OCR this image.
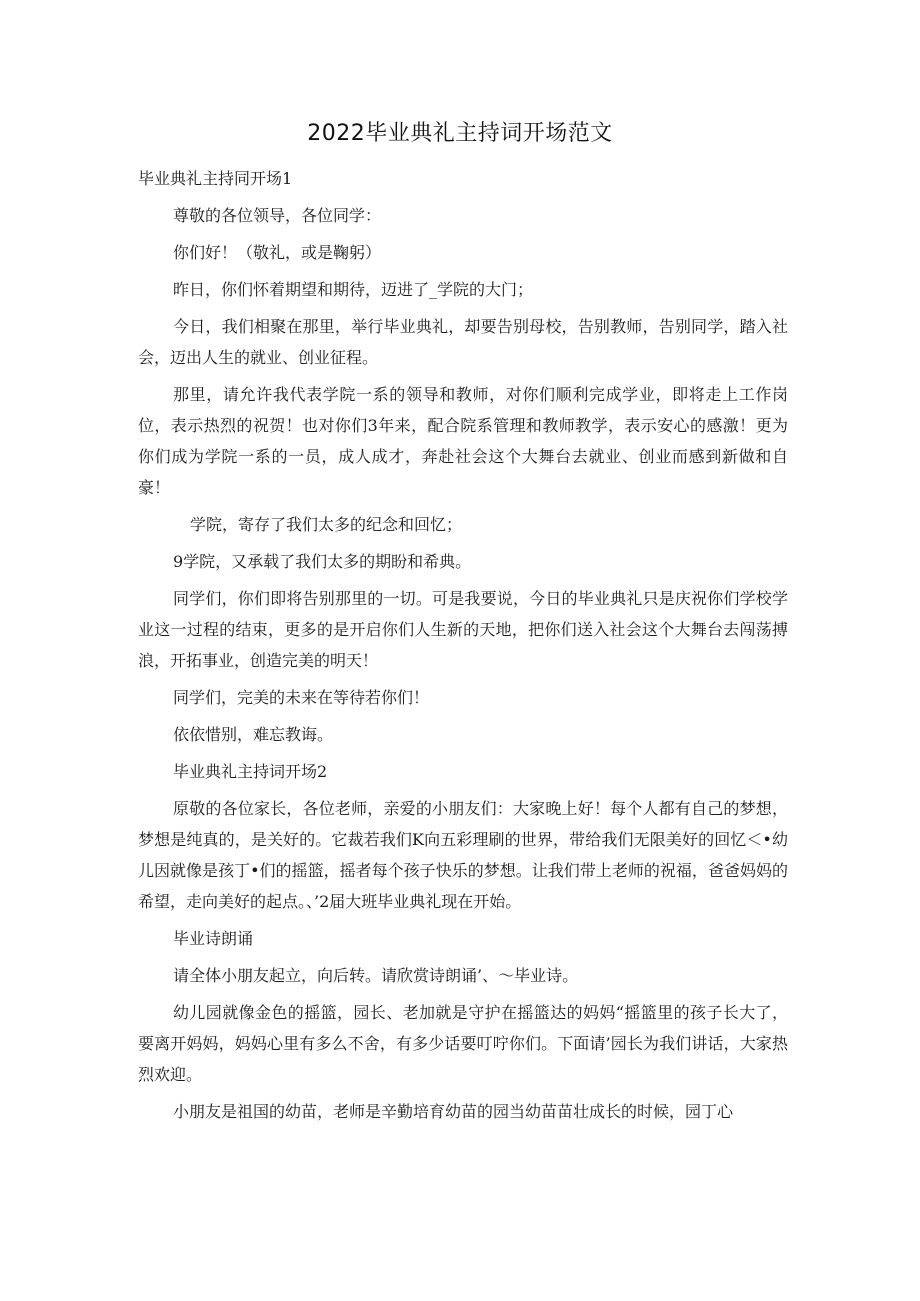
2022毕业典礼主持词开场范文

毕业典礼主持同开场1

尊敬的各位领导，各位同学：

你们好！（敬礼，或是鞠躬）

昨日，你们怀着期望和期待，迈进了_学院的大门；

今日，我们相聚在那里，举行毕业典礼，却要告别母校，告别教师，告别同学，踏入社会，迈出人生的就业、创业征程。

那里，请允许我代表学院一系的领导和教师，对你们顺利完成学业，即将走上工作岗位，表示热烈的祝贺！也对你们3年来，配合院系管理和教师教学，表示安心的感激！更为你们成为学院一系的一员，成人成才，奔赴社会这个大舞台去就业、创业而感到新做和自豪！

学院，寄存了我们太多的纪念和回忆；

9学院，又承载了我们太多的期盼和希典。

同学们，你们即将告别那里的一切。可是我要说，今日的毕业典礼只是庆祝你们学校学业这一过程的结束，更多的是开启你们人生新的天地，把你们送入社会这个大舞台去闯荡搏浪，开拓事业，创造完美的明天！

同学们，完美的未来在等待若你们！

依依惜别，难忘教诲。

毕业典礼主持词开场2

原敬的各位家长，各位老师，亲爱的小朋友们：大家晚上好！每个人都有自己的梦想，梦想是纯真的，是关好的。它裁若我们K向五彩理刷的世界，带给我们无限美好的回忆＜•幼儿因就像是孩丁•们的摇篮，摇者每个孩子快乐的梦想。让我们带上老师的祝福，爸爸妈妈的希望，走向美好的起点。、’2届大班毕业典礼现在开始。

毕业诗朗诵

请全体小朋友起立，向后转。请欣赏诗朗诵’、～毕业诗。

幼儿园就像金色的摇篮，园长、老加就是守护在摇篮达的妈妈“摇篮里的孩子长大了，要离开妈妈，妈妈心里有多么不舍，有多少话要叮咛你们。下面请’园长为我们讲话，大家热烈欢迎。

小朋友是祖国的幼苗，老师是辛勤培育幼苗的园当幼苗苗壮成长的时候，园丁心
